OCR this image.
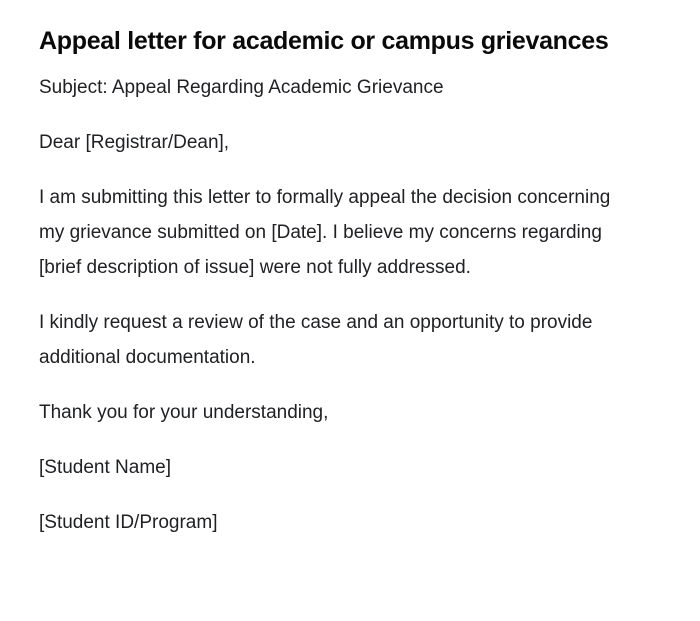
Appeal letter for academic or campus grievances

Subject: Appeal Regarding Academic Grievance

Dear [Registrar/Dean],

I am submitting this letter to formally appeal the decision concerning my grievance submitted on [Date]. I believe my concerns regarding [brief description of issue] were not fully addressed.

I kindly request a review of the case and an opportunity to provide additional documentation.

Thank you for your understanding,

[Student Name]

[Student ID/Program]
